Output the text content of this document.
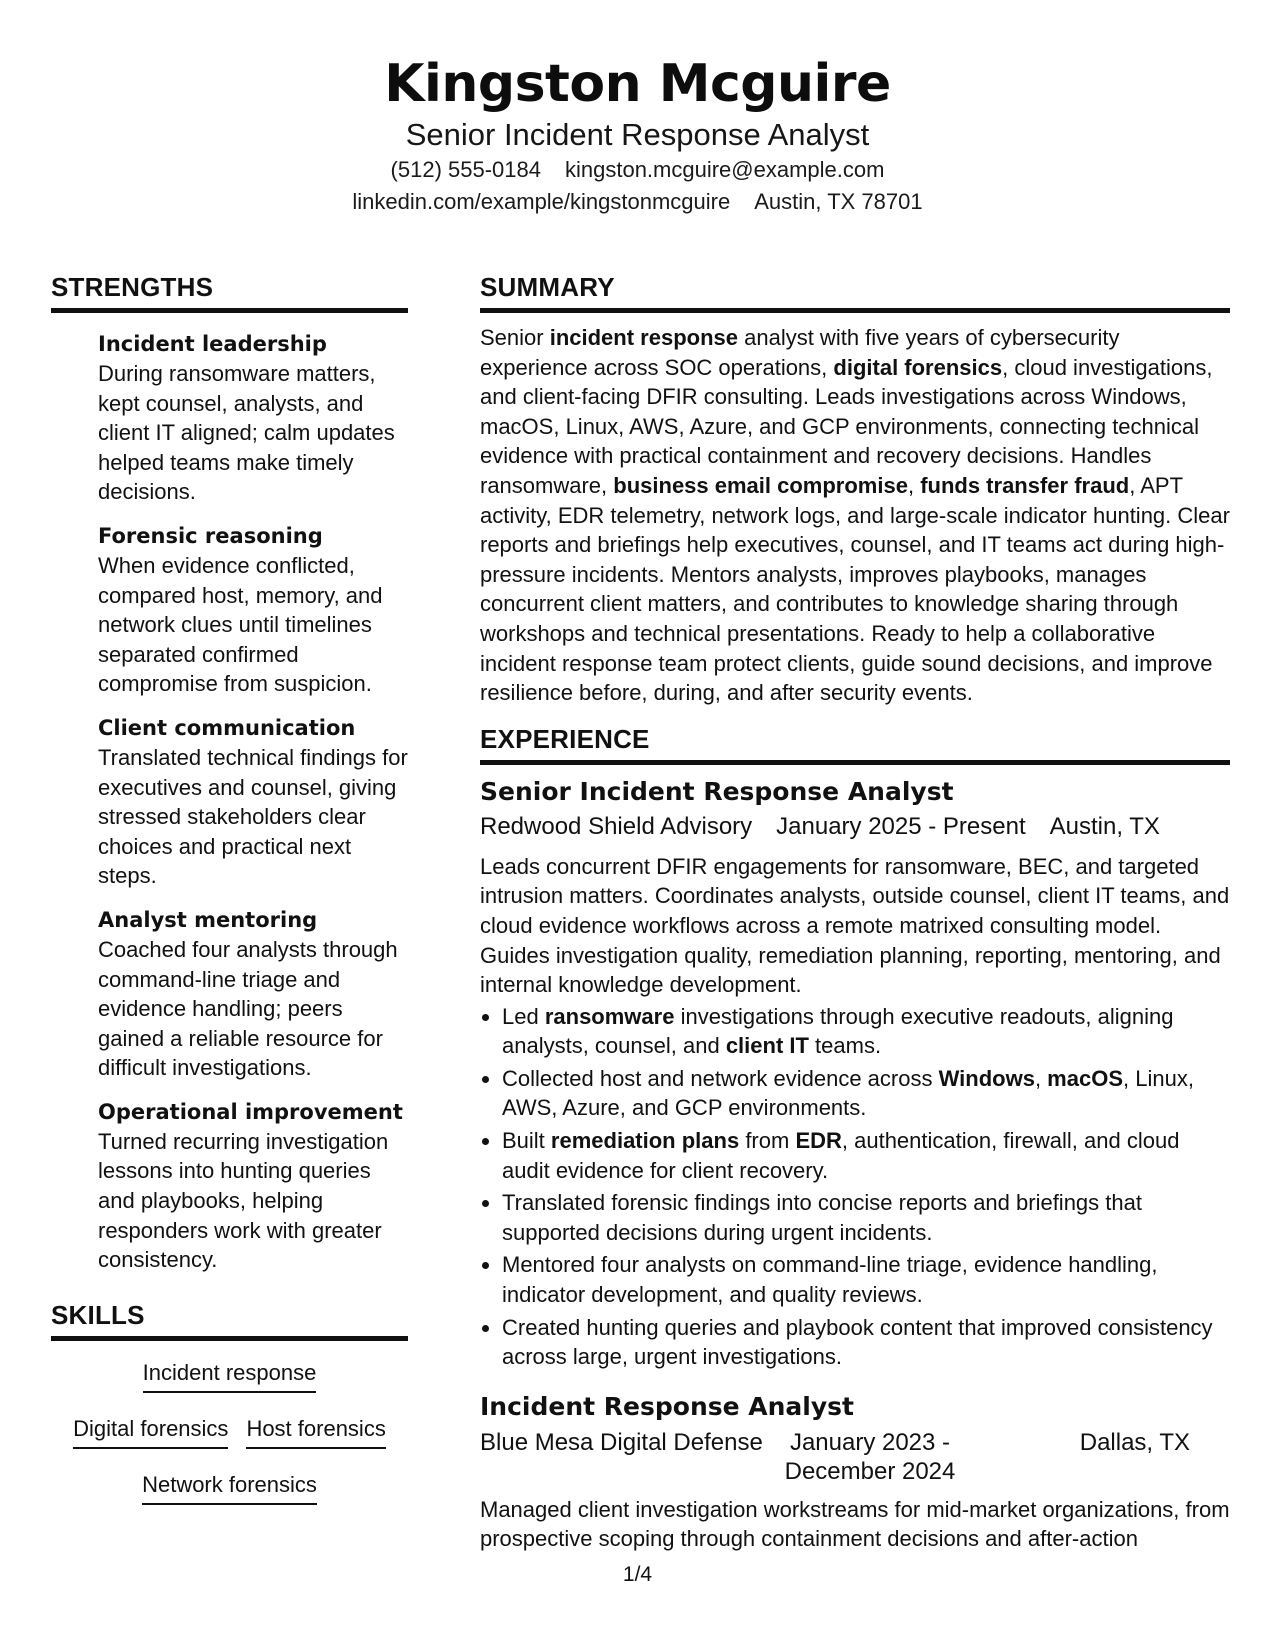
Kingston Mcguire
Senior Incident Response Analyst
(512) 555-0184 kingston.mcguire@example.com
linkedin.com/example/kingstonmcguire Austin, TX 78701
STRENGTHS
Incident leadership
During ransomware matters, kept counsel, analysts, and client IT aligned; calm updates helped teams make timely decisions.
Forensic reasoning
When evidence conflicted, compared host, memory, and network clues until timelines separated confirmed compromise from suspicion.
Client communication
Translated technical findings for executives and counsel, giving stressed stakeholders clear choices and practical next steps.
Analyst mentoring
Coached four analysts through command-line triage and evidence handling; peers gained a reliable resource for difficult investigations.
Operational improvement
Turned recurring investigation lessons into hunting queries and playbooks, helping responders work with greater consistency.
SKILLS
Incident response
Digital forensics Host forensics
Network forensics
SUMMARY
Senior incident response analyst with five years of cybersecurity experience across SOC operations, digital forensics, cloud investigations, and client-facing DFIR consulting. Leads investigations across Windows, macOS, Linux, AWS, Azure, and GCP environments, connecting technical evidence with practical containment and recovery decisions. Handles ransomware, business email compromise, funds transfer fraud, APT activity, EDR telemetry, network logs, and large-scale indicator hunting. Clear reports and briefings help executives, counsel, and IT teams act during high-pressure incidents. Mentors analysts, improves playbooks, manages concurrent client matters, and contributes to knowledge sharing through workshops and technical presentations. Ready to help a collaborative incident response team protect clients, guide sound decisions, and improve resilience before, during, and after security events.
EXPERIENCE
Senior Incident Response Analyst
Redwood Shield Advisory January 2025 - Present Austin, TX
Leads concurrent DFIR engagements for ransomware, BEC, and targeted intrusion matters. Coordinates analysts, outside counsel, client IT teams, and cloud evidence workflows across a remote matrixed consulting model. Guides investigation quality, remediation planning, reporting, mentoring, and internal knowledge development.
• Led ransomware investigations through executive readouts, aligning analysts, counsel, and client IT teams.
• Collected host and network evidence across Windows, macOS, Linux, AWS, Azure, and GCP environments.
• Built remediation plans from EDR, authentication, firewall, and cloud audit evidence for client recovery.
• Translated forensic findings into concise reports and briefings that supported decisions during urgent incidents.
• Mentored four analysts on command-line triage, evidence handling, indicator development, and quality reviews.
• Created hunting queries and playbook content that improved consistency across large, urgent investigations.
Incident Response Analyst
Blue Mesa Digital Defense	January 2023 - December 2024
Dallas, TX
Managed client investigation workstreams for mid-market organizations, from prospective scoping through containment decisions and after-action
1/4
